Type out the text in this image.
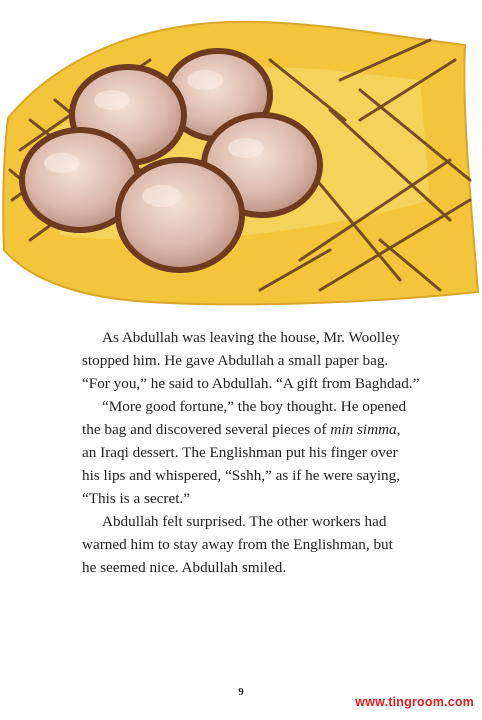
As Abdullah was leaving the house, Mr. Woolley
stopped him. He gave Abdullah a small paper bag.
“For you,” he said to Abdullah. “A gift from Baghdad.”

“More good fortune,” the boy thought. He opened
the bag and discovered several pieces of min simma,
an Iraqi dessert. The Englishman put his finger over
his lips and whispered, “Sshh,” as if he were saying,
“This is a secret.”

Abdullah felt surprised. The other workers had
warned him to stay away from the Englishman, but
he seemed nice. Abdullah smiled.

9
www.tingroom.com
